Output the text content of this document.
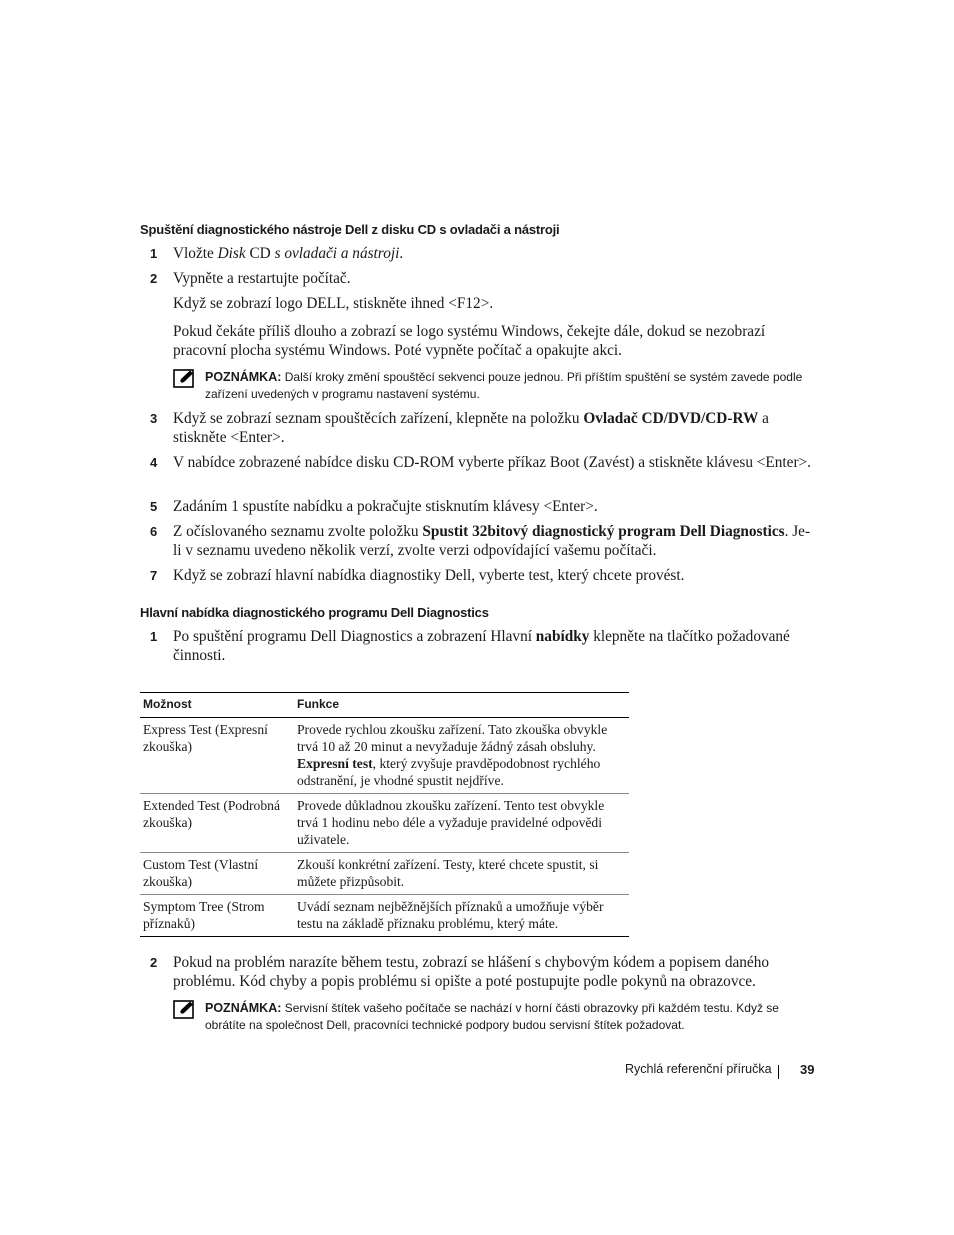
Spuštění diagnostického nástroje Dell z disku CD s ovladači a nástroji
1	Vložte Disk CD s ovladači a nástroji.
2	Vypněte a restartujte počítač.
Když se zobrazí logo DELL, stiskněte ihned <F12>.
Pokud čekáte příliš dlouho a zobrazí se logo systému Windows, čekejte dále, dokud se nezobrazí pracovní plocha systému Windows. Poté vypněte počítač a opakujte akci.
POZNÁMKA: Další kroky změní spouštěcí sekvenci pouze jednou. Při příštím spuštění se systém zavede podle zařízení uvedených v programu nastavení systému.
3	Když se zobrazí seznam spouštěcích zařízení, klepněte na položku Ovladač CD/DVD/CD-RW a stiskněte <Enter>.
4	V nabídce zobrazené nabídce disku CD-ROM vyberte příkaz Boot (Zavést) a stiskněte klávesu <Enter>.
5	Zadáním 1 spustíte nabídku a pokračujte stisknutím klávesy <Enter>.
6	Z očíslovaného seznamu zvolte položku Spustit 32bitový diagnostický program Dell Diagnostics. Je-li v seznamu uvedeno několik verzí, zvolte verzi odpovídající vašemu počítači.
7	Když se zobrazí hlavní nabídka diagnostiky Dell, vyberte test, který chcete provést.
Hlavní nabídka diagnostického programu Dell Diagnostics
1	Po spuštění programu Dell Diagnostics a zobrazení Hlavní nabídky klepněte na tlačítko požadované činnosti.
Možnost	Funkce
Express Test (Expresní zkouška)	Provede rychlou zkoušku zařízení. Tato zkouška obvykle trvá 10 až 20 minut a nevyžaduje žádný zásah obsluhy. Expresní test, který zvyšuje pravděpodobnost rychlého odstranění, je vhodné spustit nejdříve.
Extended Test (Podrobná zkouška)	Provede důkladnou zkoušku zařízení. Tento test obvykle trvá 1 hodinu nebo déle a vyžaduje pravidelné odpovědi uživatele.
Custom Test (Vlastní zkouška)	Zkouší konkrétní zařízení. Testy, které chcete spustit, si můžete přizpůsobit.
Symptom Tree (Strom příznaků)	Uvádí seznam nejběžnějších příznaků a umožňuje výběr testu na základě příznaku problému, který máte.
2	Pokud na problém narazíte během testu, zobrazí se hlášení s chybovým kódem a popisem daného problému. Kód chyby a popis problému si opište a poté postupujte podle pokynů na obrazovce.
POZNÁMKA: Servisní štítek vašeho počítače se nachází v horní části obrazovky při každém testu. Když se obrátíte na společnost Dell, pracovníci technické podpory budou servisní štítek požadovat.
Rychlá referenční příručka 39
